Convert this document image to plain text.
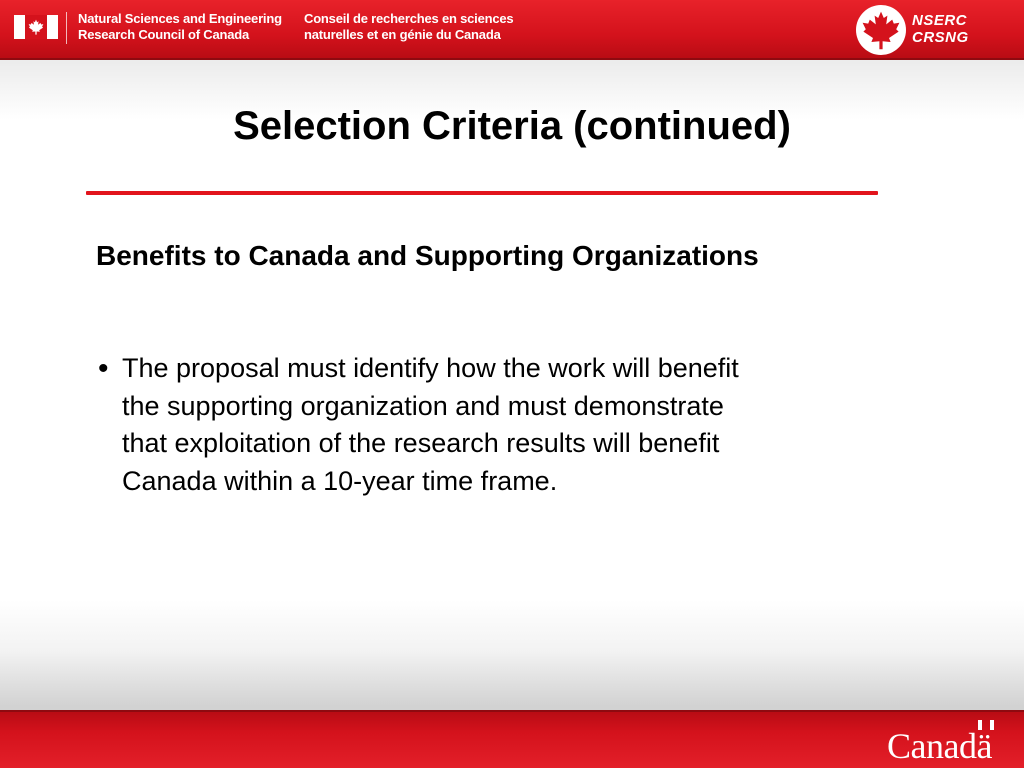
Natural Sciences and Engineering
Research Council of Canada
Conseil de recherches en sciences
naturelles et en génie du Canada
NSERC
CRSNG
Selection Criteria (continued)
Benefits to Canada and Supporting Organizations
• The proposal must identify how the work will benefit the supporting organization and must demonstrate that exploitation of the research results will benefit Canada within a 10-year time frame.
Canadä
